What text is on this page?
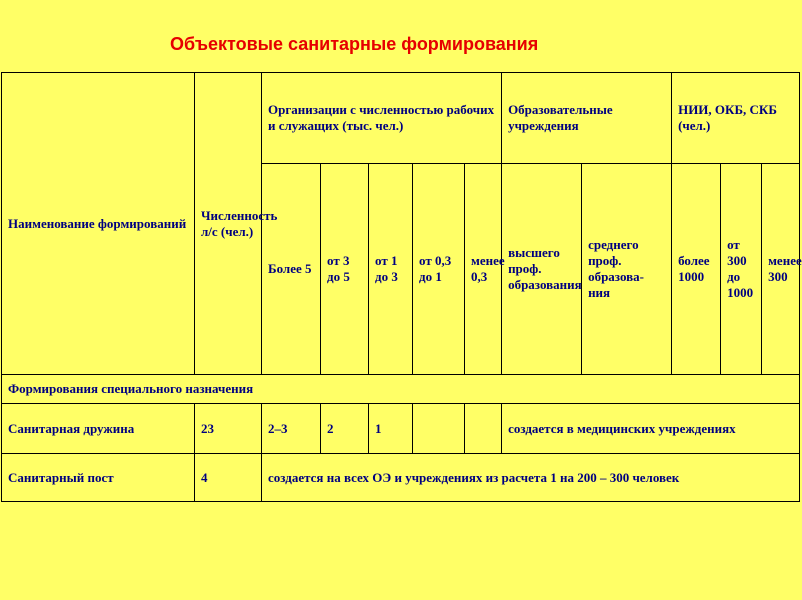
Объектовые санитарные формирования
Наименование формирований	Численность л/с (чел.)	Организации с численностью рабочих и служащих (тыс. чел.)					Образовательные учреждения		НИИ, ОКБ, СКБ (чел.)		
		Более 5	от 3 до 5	от 1 до 3	от 0,3 до 1	менее 0,3	высшего проф. образования	среднего проф. образова-ния	более 1000	от 300 до 1000	менее 300
Формирования специального назначения											
Санитарная дружина	23	2–3	2	1			создается в медицинских учреждениях				
Санитарный пост	4	создается на всех ОЭ и учреждениях из расчета 1 на 200 – 300 человек									
